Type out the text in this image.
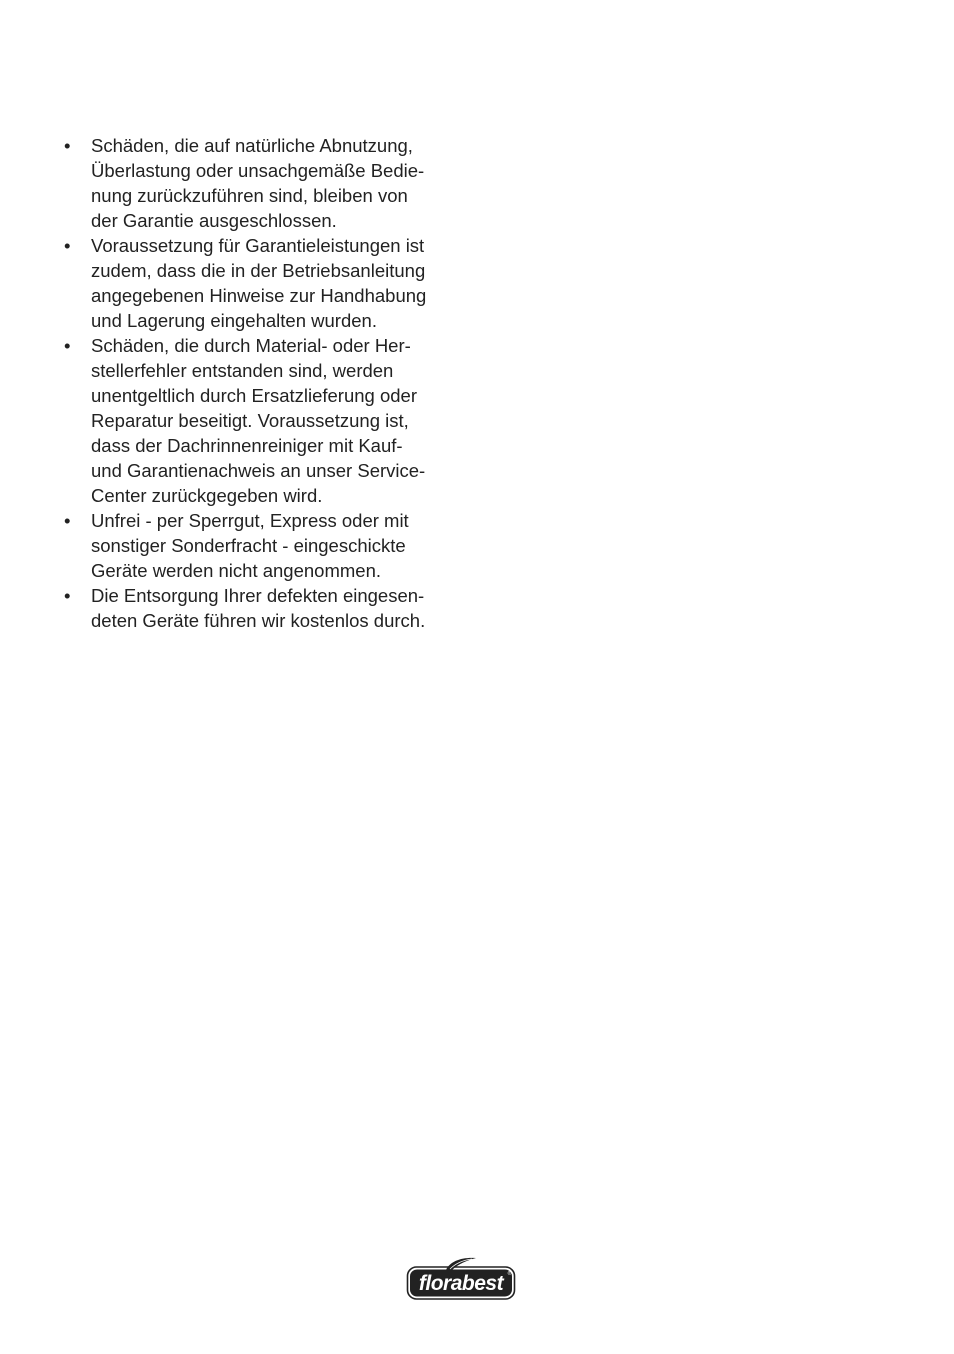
•	Schäden, die auf natürliche Abnutzung,
Überlastung oder unsachgemäße Bedie-
nung zurückzuführen sind, bleiben von
der Garantie ausgeschlossen.
•	Voraussetzung für Garantieleistungen ist
zudem, dass die in der Betriebsanleitung
angegebenen Hinweise zur Handhabung
und Lagerung eingehalten wurden.
•	Schäden, die durch Material- oder Her-
stellerfehler entstanden sind, werden
unentgeltlich durch Ersatzlieferung oder
Reparatur beseitigt. Voraussetzung ist,
dass der Dachrinnenreiniger mit Kauf-
und Garantienachweis an unser Service-
Center zurückgegeben wird.
•	Unfrei - per Sperrgut, Express oder mit
sonstiger Sonderfracht - eingeschickte
Geräte werden nicht angenommen.
•	Die Entsorgung Ihrer defekten eingesen-
deten Geräte führen wir kostenlos durch.
florabest ®
